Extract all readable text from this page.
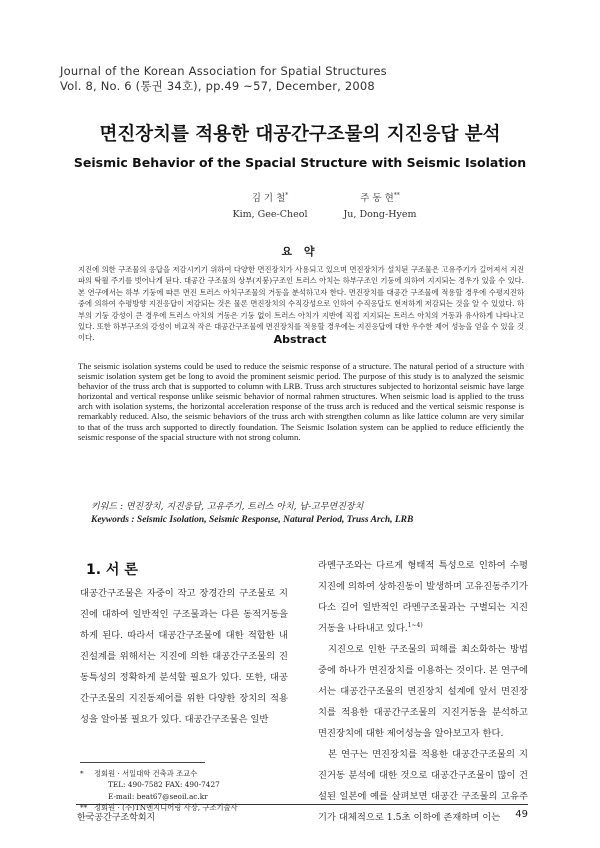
Journal of the Korean Association for Spatial Structures
Vol. 8, No. 6 (통권 34호), pp.49 ~57, December, 2008
면진장치를 적용한 대공간구조물의 지진응답 분석
Seismic Behavior of the Spacial Structure with Seismic Isolation
김 기 철*
Kim, Gee-Cheol
주 동 현**
Ju, Dong-Hyem
요 약
지진에 의한 구조물의 응답을 저감시키기 위하여 다양한 면진장치가 사용되고 있으며 면진장치가 설치된 구조물은 고유주기가 길어져서 지진파의 탁월 주기를 벗어나게 된다. 대공간 구조물의 상부(지붕)구조인 트러스 아치는 하부구조인 기둥에 의하여 지지되는 경우가 있을 수 있다. 본 연구에서는 하부 기둥에 따른 면진 트러스 아치구조물의 거동을 분석하고자 한다. 면진장치를 대공간 구조물에 적용할 경우에 수평지진하중에 의하여 수평방향 지진응답이 저감되는 것은 물론 면진장치의 수직강성으로 인하여 수직응답도 현저하게 저감되는 것을 알 수 있었다. 하부의 기둥 강성이 큰 경우에 트러스 아치의 거동은 기둥 없이 트러스 아치가 지반에 직접 지지되는 트러스 아치의 거동과 유사하게 나타나고 있다. 또한 하부구조의 강성이 비교적 작은 대공간구조물에 면진장치를 적용할 경우에는 지진응답에 대한 우수한 제어 성능을 얻을 수 있을 것이다.	Abstract
The seismic isolation systems could be used to reduce the seismic response of a structure. The natural period of a structure with seismic isolation system get be long to avoid the prominent seismic period. The purpose of this study is to analyzed the seismic behavior of the truss arch that is supported to column with LRB. Truss arch structures subjected to horizontal seismic have large horizontal and vertical response unlike seismic behavior of normal rahmen structures. When seismic load is applied to the truss arch with isolation systems, the horizontal acceleration response of the truss arch is reduced and the vertical seismic response is remarkably reduced. Also, the seismic behaviors of the truss arch with strengthen column as like lattice column are very similar to that of the truss arch supported to directly foundation. The Seismic Isolation system can be applied to reduce efficiently the seismic response of the spacial structure with not strong column.
키워드 : 면진장치, 지진응답, 고유주기, 트러스 아치, 납-고무면진장치
Keywords : Seismic Isolation, Seismic Response, Natural Period, Truss Arch, LRB
1. 서 론

대공간구조물은 자중이 작고 장경간의 구조물로 지진에 대하여 일반적인 구조물과는 다른 동적거동을 하게 된다. 따라서 대공간구조물에 대한 적합한 내진설계를 위해서는 지진에 의한 대공간구조물의 진동특성의 정확하게 분석할 필요가 있다. 또한, 대공간구조물의 지진동제어를 위한 다양한 장치의 적용성을 알아볼 필요가 있다. 대공간구조물은 일반

라멘구조와는 다르게 형태적 특성으로 인하여 수평지진에 의하여 상하진동이 발생하며 고유진동주기가 다소 길어 일반적인 라멘구조물과는 구별되는 지진거동을 나타내고 있다.$^{1\sim 4)}$

지진으로 인한 구조물의 피해를 최소화하는 방법 중에 하나가 면진장치를 이용하는 것이다. 본 연구에서는 대공간구조물의 면진장치 설계에 앞서 면진장치를 적용한 대공간구조물의 지진거동을 분석하고 면진장치에 대한 제어성능을 알아보고자 한다.

본 연구는 면진장치를 적용한 대공간구조물의 지진거동 분석에 대한 것으로 대공간구조물이 많이 건설된 일본에 예를 살펴보면 대공간 구조물의 고유주기가 대체적으로 1.5초 이하에 존재하며 이는

* 정회원 · 서일대학 건축과 조교수
TEL: 490-7582 FAX: 490-7427
E-mail: beat67@seoil.ac.kr
** 정회원 · (주)TN엔지니어링 사장, 구조기술사
한국공간구조학회지	49
